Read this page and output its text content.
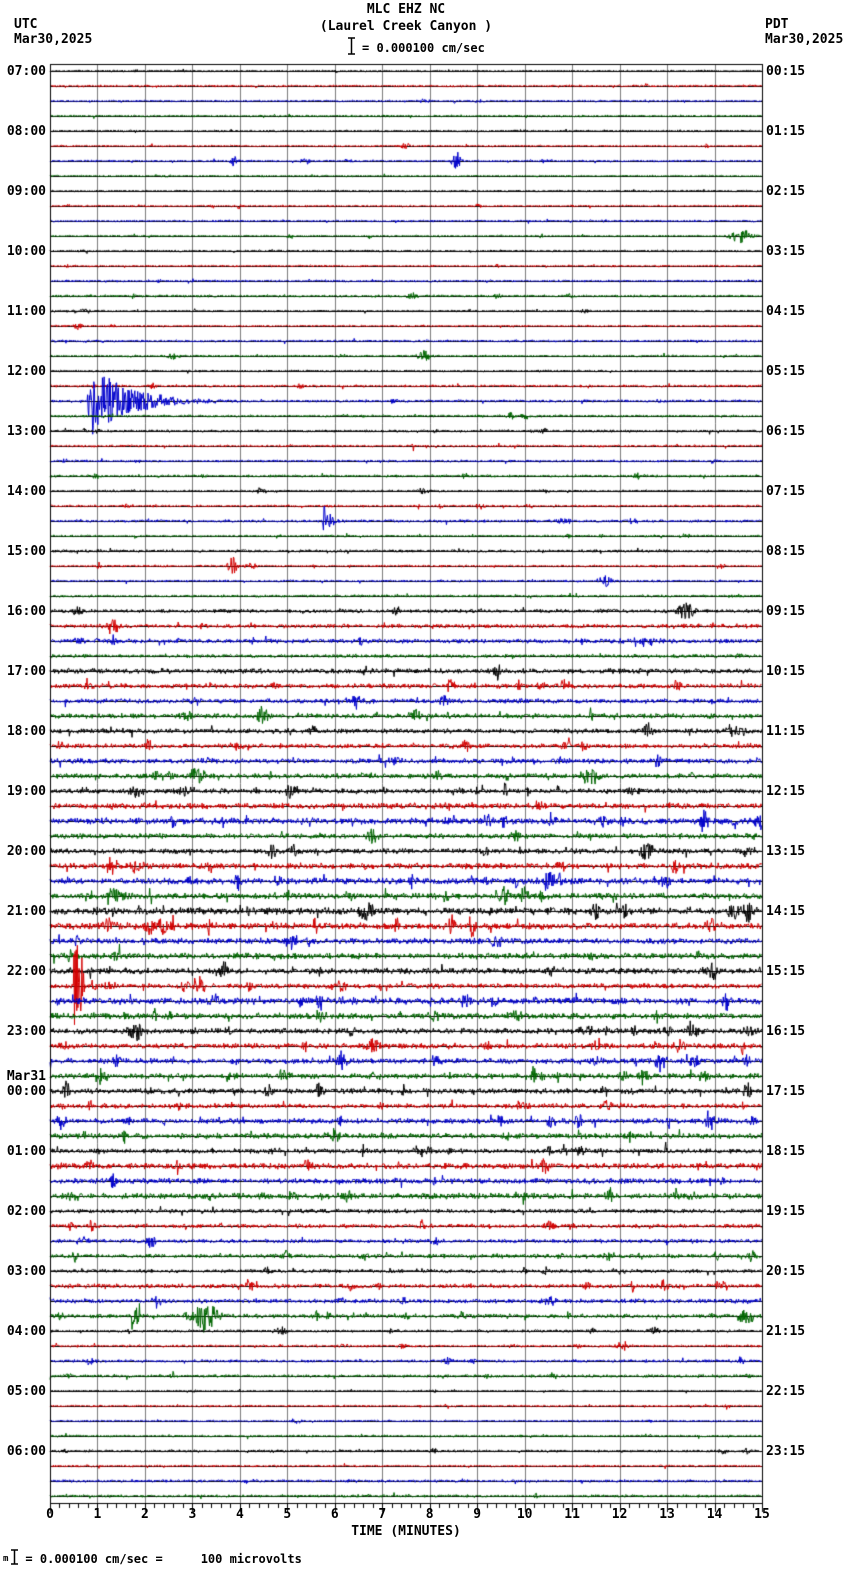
MLC EHZ NC
(Laurel Creek Canyon )
= 0.000100 cm/sec
UTC
Mar30,2025
PDT
Mar30,2025
07:00
08:00
09:00
10:00
11:00
12:00
13:00
14:00
15:00
16:00
17:00
18:00
19:00
20:00
21:00
22:00
23:00
Mar31
00:00
01:00
02:00
03:00
04:00
05:00
06:00
00:15
01:15
02:15
03:15
04:15
05:15
06:15
07:15
08:15
09:15
10:15
11:15
12:15
13:15
14:15
15:15
16:15
17:15
18:15
19:15
20:15
21:15
22:15
23:15
0	1	2	3	4	5	6	7	8	9	10	11	12	13	14	15
TIME (MINUTES)
m = 0.000100 cm/sec =	100 microvolts
